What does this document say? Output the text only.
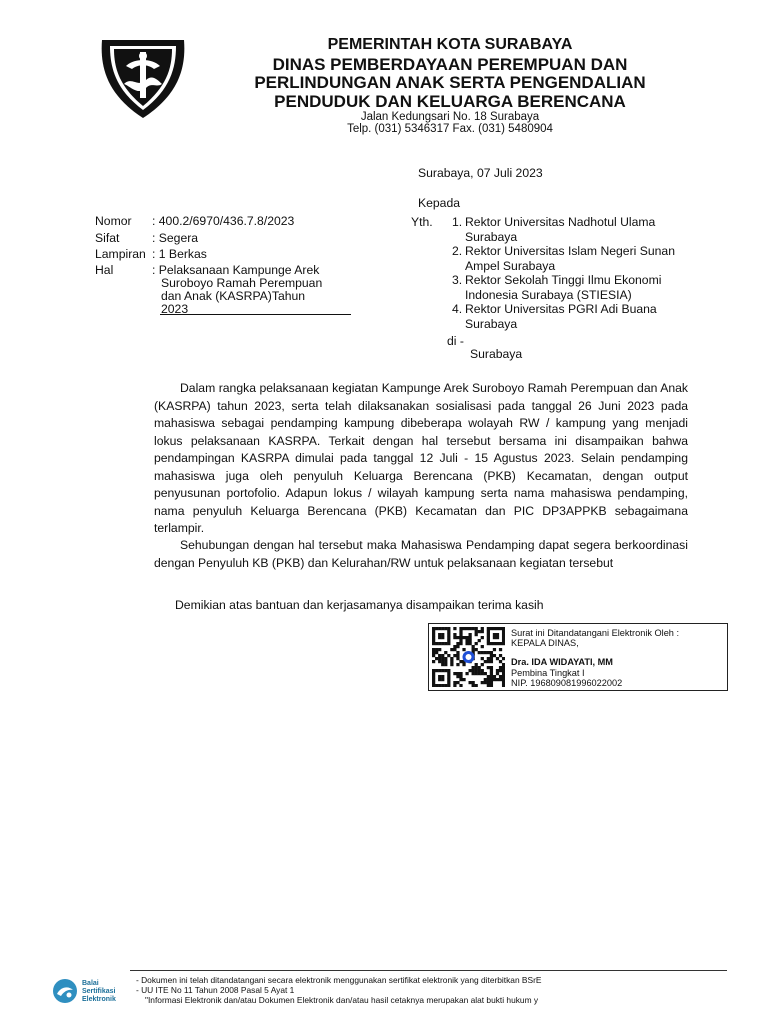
PEMERINTAH KOTA SURABAYA
DINAS PEMBERDAYAAN PEREMPUAN DAN
PERLINDUNGAN ANAK SERTA PENGENDALIAN
PENDUDUK DAN KELUARGA BERENCANA
Jalan Kedungsari No. 18 Surabaya
Telp. (031) 5346317 Fax. (031) 5480904
Surabaya, 07 Juli 2023
Kepada
Nomor : 400.2/6970/436.7.8/2023
Sifat	: Segera
Lampiran : 1 Berkas
Hal	: Pelaksanaan Kampunge Arek
Suroboyo Ramah Perempuan
dan Anak (KASRPA)Tahun
2023
Yth. 1. Rektor Universitas Nadhotul Ulama
Surabaya
2. Rektor Universitas Islam Negeri Sunan
Ampel Surabaya
3. Rektor Sekolah Tinggi Ilmu Ekonomi
Indonesia Surabaya (STIESIA)
4. Rektor Universitas PGRI Adi Buana
Surabaya
di -
Surabaya
Dalam rangka pelaksanaan kegiatan Kampunge Arek Suroboyo Ramah Perempuan dan Anak (KASRPA) tahun 2023, serta telah dilaksanakan sosialisasi pada tanggal 26 Juni 2023 pada mahasiswa sebagai pendamping kampung dibeberapa wolayah RW / kampung yang menjadi lokus pelaksanaan KASRPA. Terkait dengan hal tersebut bersama ini disampaikan bahwa pendampingan KASRPA dimulai pada tanggal 12 Juli - 15 Agustus 2023. Selain pendamping mahasiswa juga oleh penyuluh Keluarga Berencana (PKB) Kecamatan, dengan output penyusunan portofolio. Adapun lokus / wilayah kampung serta nama mahasiswa pendamping, nama penyuluh Keluarga Berencana (PKB) Kecamatan dan PIC DP3APPKB sebagaimana terlampir.
Sehubungan dengan hal tersebut maka Mahasiswa Pendamping dapat segera berkoordinasi dengan Penyuluh KB (PKB) dan Kelurahan/RW untuk pelaksanaan kegiatan tersebut
Demikian atas bantuan dan kerjasamanya disampaikan terima kasih
Surat ini Ditandatangani Elektronik Oleh :
KEPALA DINAS,
Dra. IDA WIDAYATI, MM
Pembina Tingkat I
NIP. 196809081996022002
Balai
Sertifikasi
Elektronik
- Dokumen ini telah ditandatangani secara elektronik menggunakan sertifikat elektronik yang diterbitkan BSrE
- UU ITE No 11 Tahun 2008 Pasal 5 Ayat 1
"Informasi Elektronik dan/atau Dokumen Elektronik dan/atau hasil cetaknya merupakan alat bukti hukum y
